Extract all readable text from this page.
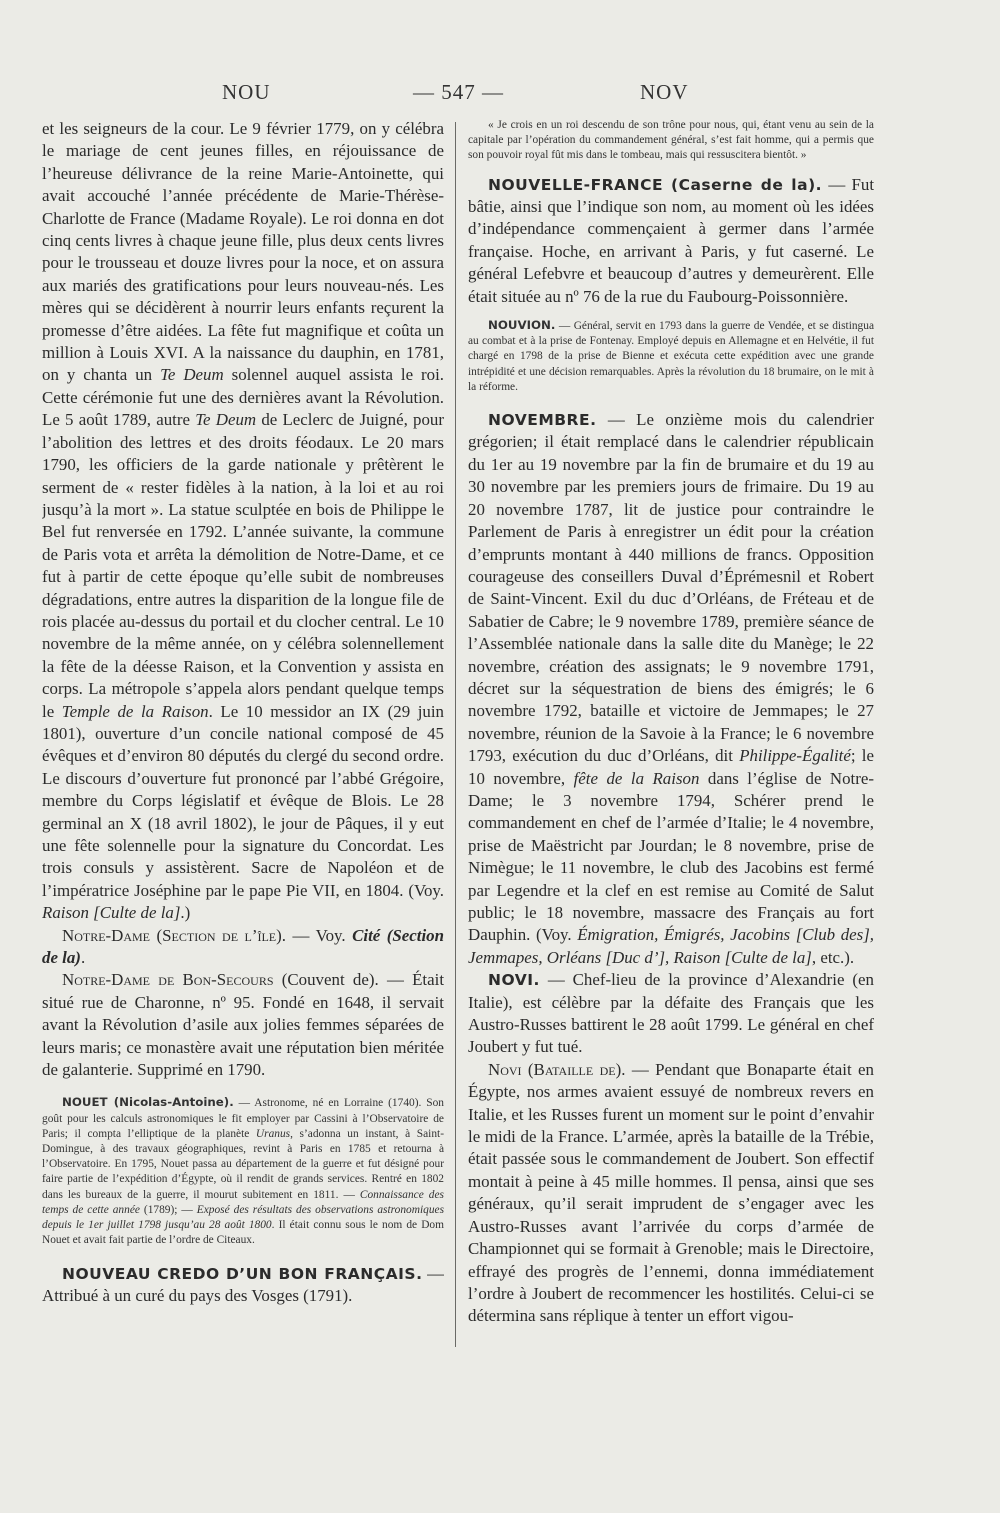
NOU	— 547 —	NOV

et les seigneurs de la cour. Le 9 février 1779, on y célébra le mariage de cent jeunes filles, en réjouissance de l’heureuse délivrance de la reine Marie-Antoinette, qui avait accouché l’année précédente de Marie-Thérèse-Charlotte de France (Madame Royale). Le roi donna en dot cinq cents livres à chaque jeune fille, plus deux cents livres pour le trousseau et douze livres pour la noce, et on assura aux mariés des gratifications pour leurs nouveau-nés. Les mères qui se décidèrent à nourrir leurs enfants reçurent la promesse d’être aidées. La fête fut magnifique et coûta un million à Louis XVI. A la naissance du dauphin, en 1781, on y chanta un Te Deum solennel auquel assista le roi. Cette cérémonie fut une des dernières avant la Révolution. Le 5 août 1789, autre Te Deum de Leclerc de Juigné, pour l’abolition des lettres et des droits féodaux. Le 20 mars 1790, les officiers de la garde nationale y prêtèrent le serment de « rester fidèles à la nation, à la loi et au roi jusqu’à la mort ». La statue sculptée en bois de Philippe le Bel fut renversée en 1792. L’année suivante, la commune de Paris vota et arrêta la démolition de Notre-Dame, et ce fut à partir de cette époque qu’elle subit de nombreuses dégradations, entre autres la disparition de la longue file de rois placée au-dessus du portail et du clocher central. Le 10 novembre de la même année, on y célébra solennellement la fête de la déesse Raison, et la Convention y assista en corps. La métropole s’appela alors pendant quelque temps le Temple de la Raison. Le 10 messidor an IX (29 juin 1801), ouverture d’un concile national composé de 45 évêques et d’environ 80 députés du clergé du second ordre. Le discours d’ouverture fut prononcé par l’abbé Grégoire, membre du Corps législatif et évêque de Blois. Le 28 germinal an X (18 avril 1802), le jour de Pâques, il y eut une fête solennelle pour la signature du Concordat. Les trois consuls y assistèrent. Sacre de Napoléon et de l’impératrice Joséphine par le pape Pie VII, en 1804. (Voy. Raison [Culte de la].)

Notre-Dame (Section de l’île). — Voy. Cité (Section de la).

Notre-Dame de Bon-Secours (Couvent de). — Était situé rue de Charonne, nº 95. Fondé en 1648, il servait avant la Révolution d’asile aux jolies femmes séparées de leurs maris; ce monastère avait une réputation bien méritée de galanterie. Supprimé en 1790.

NOUET (Nicolas-Antoine). — Astronome, né en Lorraine (1740). Son goût pour les calculs astronomiques le fit employer par Cassini à l’Observatoire de Paris; il compta l’elliptique de la planète Uranus, s’adonna un instant, à Saint-Domingue, à des travaux géographiques, revint à Paris en 1785 et retourna à l’Observatoire. En 1795, Nouet passa au département de la guerre et fut désigné pour faire partie de l’expédition d’Égypte, où il rendit de grands services. Rentré en 1802 dans les bureaux de la guerre, il mourut subitement en 1811. — Connaissance des temps de cette année (1789); — Exposé des résultats des observations astronomiques depuis le 1er juillet 1798 jusqu’au 28 août 1800. Il était connu sous le nom de Dom Nouet et avait fait partie de l’ordre de Citeaux.

NOUVEAU CREDO D’UN BON FRANÇAIS. — Attribué à un curé du pays des Vosges (1791).

« Je crois en un roi descendu de son trône pour nous, qui, étant venu au sein de la capitale par l’opération du commandement général, s’est fait homme, qui a permis que son pouvoir royal fût mis dans le tombeau, mais qui ressuscitera bientôt. »

NOUVELLE-FRANCE (Caserne de la). — Fut bâtie, ainsi que l’indique son nom, au moment où les idées d’indépendance commençaient à germer dans l’armée française. Hoche, en arrivant à Paris, y fut caserné. Le général Lefebvre et beaucoup d’autres y demeurèrent. Elle était située au nº 76 de la rue du Faubourg-Poissonnière.

NOUVION. — Général, servit en 1793 dans la guerre de Vendée, et se distingua au combat et à la prise de Fontenay. Employé depuis en Allemagne et en Helvétie, il fut chargé en 1798 de la prise de Bienne et exécuta cette expédition avec une grande intrépidité et une décision remarquables. Après la révolution du 18 brumaire, on le mit à la réforme.

NOVEMBRE. — Le onzième mois du calendrier grégorien; il était remplacé dans le calendrier républicain du 1er au 19 novembre par la fin de brumaire et du 19 au 30 novembre par les premiers jours de frimaire. Du 19 au 20 novembre 1787, lit de justice pour contraindre le Parlement de Paris à enregistrer un édit pour la création d’emprunts montant à 440 millions de francs. Opposition courageuse des conseillers Duval d’Éprémesnil et Robert de Saint-Vincent. Exil du duc d’Orléans, de Fréteau et de Sabatier de Cabre; le 9 novembre 1789, première séance de l’Assemblée nationale dans la salle dite du Manège; le 22 novembre, création des assignats; le 9 novembre 1791, décret sur la séquestration de biens des émigrés; le 6 novembre 1792, bataille et victoire de Jemmapes; le 27 novembre, réunion de la Savoie à la France; le 6 novembre 1793, exécution du duc d’Orléans, dit Philippe-Égalité; le 10 novembre, fête de la Raison dans l’église de Notre-Dame; le 3 novembre 1794, Schérer prend le commandement en chef de l’armée d’Italie; le 4 novembre, prise de Maëstricht par Jourdan; le 8 novembre, prise de Nimègue; le 11 novembre, le club des Jacobins est fermé par Legendre et la clef en est remise au Comité de Salut public; le 18 novembre, massacre des Français au fort Dauphin. (Voy. Émigration, Émigrés, Jacobins [Club des], Jemmapes, Orléans [Duc d’], Raison [Culte de la], etc.).

NOVI. — Chef-lieu de la province d’Alexandrie (en Italie), est célèbre par la défaite des Français que les Austro-Russes battirent le 28 août 1799. Le général en chef Joubert y fut tué.

Novi (Bataille de). — Pendant que Bonaparte était en Égypte, nos armes avaient essuyé de nombreux revers en Italie, et les Russes furent un moment sur le point d’envahir le midi de la France. L’armée, après la bataille de la Trébie, était passée sous le commandement de Joubert. Son effectif montait à peine à 45 mille hommes. Il pensa, ainsi que ses généraux, qu’il serait imprudent de s’engager avec les Austro-Russes avant l’arrivée du corps d’armée de Championnet qui se formait à Grenoble; mais le Directoire, effrayé des progrès de l’ennemi, donna immédiatement l’ordre à Joubert de recommencer les hostilités. Celui-ci se détermina sans réplique à tenter un effort vigou-
